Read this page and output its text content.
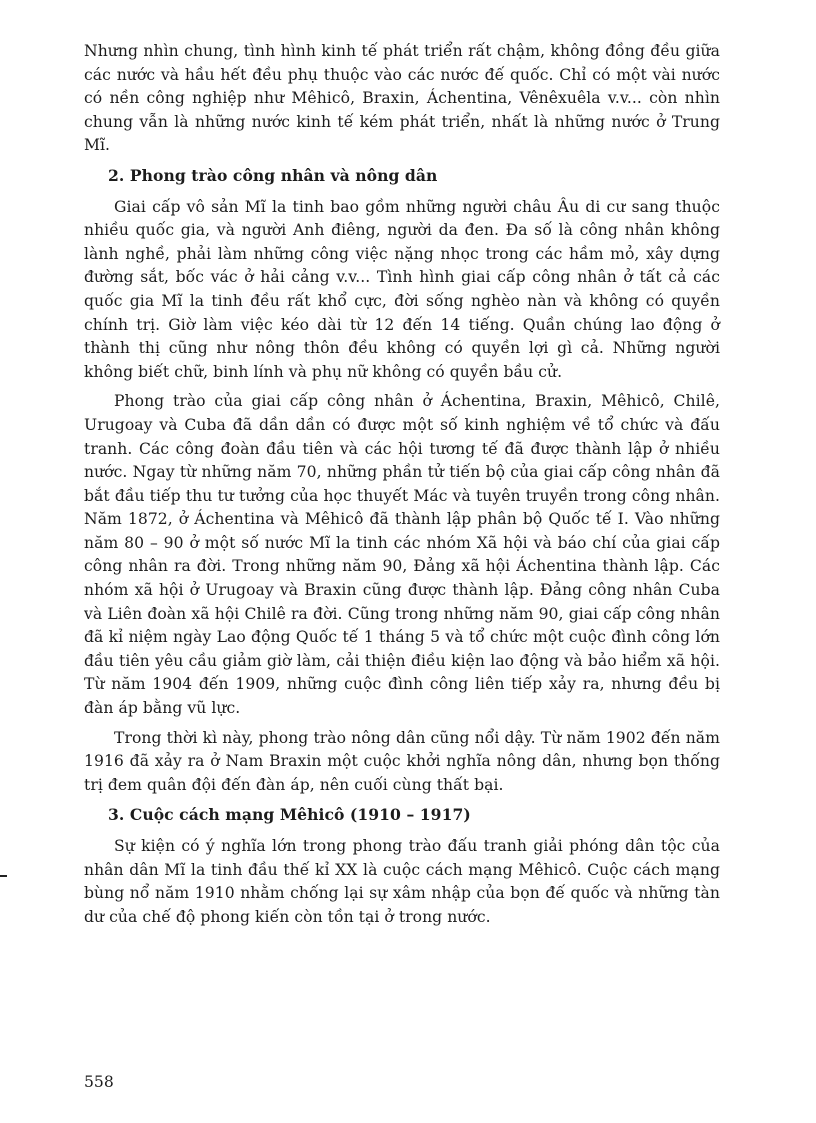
Nhưng nhìn chung, tình hình kinh tế phát triển rất chậm, không đồng đều giữa các nước và hầu hết đều phụ thuộc vào các nước đế quốc. Chỉ có một vài nước có nền công nghiệp như Mêhicô, Braxin, Áchentina, Vênêxuêla v.v... còn nhìn chung vẫn là những nước kinh tế kém phát triển, nhất là những nước ở Trung Mĩ.

2. Phong trào công nhân và nông dân

Giai cấp vô sản Mĩ la tinh bao gồm những người châu Âu di cư sang thuộc nhiều quốc gia, và người Anh điêng, người da đen. Đa số là công nhân không lành nghề, phải làm những công việc nặng nhọc trong các hầm mỏ, xây dựng đường sắt, bốc vác ở hải cảng v.v... Tình hình giai cấp công nhân ở tất cả các quốc gia Mĩ la tinh đều rất khổ cực, đời sống nghèo nàn và không có quyền chính trị. Giờ làm việc kéo dài từ 12 đến 14 tiếng. Quần chúng lao động ở thành thị cũng như nông thôn đều không có quyền lợi gì cả. Những người không biết chữ, binh lính và phụ nữ không có quyền bầu cử.

Phong trào của giai cấp công nhân ở Áchentina, Braxin, Mêhicô, Chilê, Urugoay và Cuba đã dần dần có được một số kinh nghiệm về tổ chức và đấu tranh. Các công đoàn đầu tiên và các hội tương tế đã được thành lập ở nhiều nước. Ngay từ những năm 70, những phần tử tiến bộ của giai cấp công nhân đã bắt đầu tiếp thu tư tưởng của học thuyết Mác và tuyên truyền trong công nhân. Năm 1872, ở Áchentina và Mêhicô đã thành lập phân bộ Quốc tế I. Vào những năm 80 – 90 ở một số nước Mĩ la tinh các nhóm Xã hội và báo chí của giai cấp công nhân ra đời. Trong những năm 90, Đảng xã hội Áchentina thành lập. Các nhóm xã hội ở Urugoay và Braxin cũng được thành lập. Đảng công nhân Cuba và Liên đoàn xã hội Chilê ra đời. Cũng trong những năm 90, giai cấp công nhân đã kỉ niệm ngày Lao động Quốc tế 1 tháng 5 và tổ chức một cuộc đình công lớn đầu tiên yêu cầu giảm giờ làm, cải thiện điều kiện lao động và bảo hiểm xã hội. Từ năm 1904 đến 1909, những cuộc đình công liên tiếp xảy ra, nhưng đều bị đàn áp bằng vũ lực.

Trong thời kì này, phong trào nông dân cũng nổi dậy. Từ năm 1902 đến năm 1916 đã xảy ra ở Nam Braxin một cuộc khởi nghĩa nông dân, nhưng bọn thống trị đem quân đội đến đàn áp, nên cuối cùng thất bại.

3. Cuộc cách mạng Mêhicô (1910 – 1917)

Sự kiện có ý nghĩa lớn trong phong trào đấu tranh giải phóng dân tộc của nhân dân Mĩ la tinh đầu thế kỉ XX là cuộc cách mạng Mêhicô. Cuộc cách mạng bùng nổ năm 1910 nhằm chống lại sự xâm nhập của bọn đế quốc và những tàn dư của chế độ phong kiến còn tồn tại ở trong nước.

558
